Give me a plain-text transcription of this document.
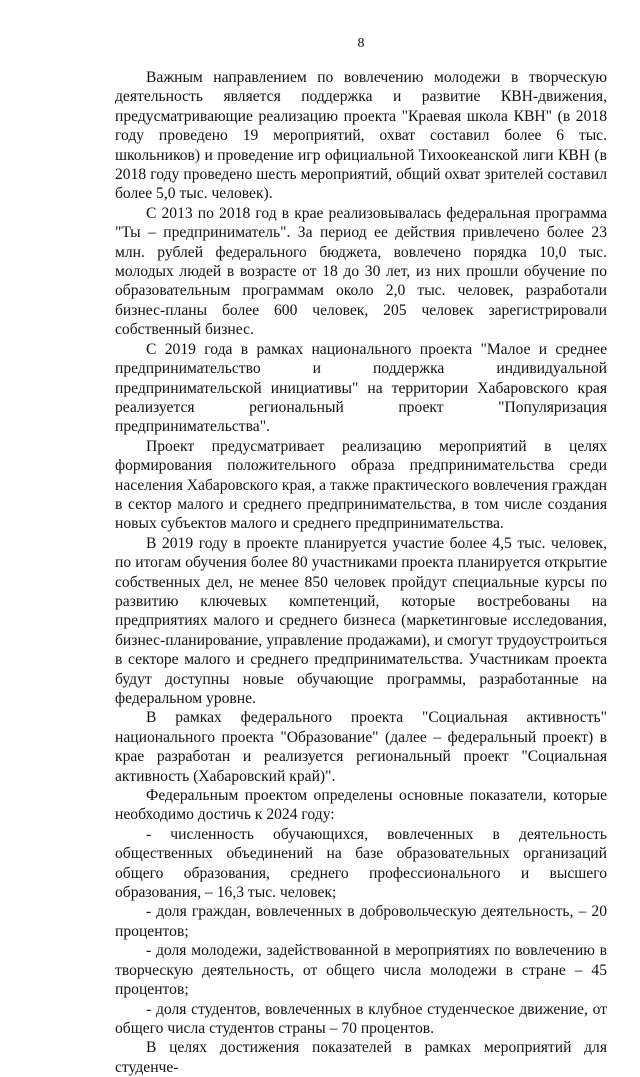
8

Важным направлением по вовлечению молодежи в творческую деятельность является поддержка и развитие КВН-движения, предусматривающие реализацию проекта "Краевая школа КВН" (в 2018 году проведено 19 мероприятий, охват составил более 6 тыс. школьников) и проведение игр официальной Тихоокеанской лиги КВН (в 2018 году проведено шесть мероприятий, общий охват зрителей составил более 5,0 тыс. человек).

С 2013 по 2018 год в крае реализовывалась федеральная программа "Ты – предприниматель". За период ее действия привлечено более 23 млн. рублей федерального бюджета, вовлечено порядка 10,0 тыс. молодых людей в возрасте от 18 до 30 лет, из них прошли обучение по образовательным программам около 2,0 тыс. человек, разработали бизнес-планы более 600 человек, 205 человек зарегистрировали собственный бизнес.

С 2019 года в рамках национального проекта "Малое и среднее предпринимательство и поддержка индивидуальной предпринимательской инициативы" на территории Хабаровского края реализуется региональный проект "Популяризация предпринимательства".

Проект предусматривает реализацию мероприятий в целях формирования положительного образа предпринимательства среди населения Хабаровского края, а также практического вовлечения граждан в сектор малого и среднего предпринимательства, в том числе создания новых субъектов малого и среднего предпринимательства.

В 2019 году в проекте планируется участие более 4,5 тыс. человек, по итогам обучения более 80 участниками проекта планируется открытие собственных дел, не менее 850 человек пройдут специальные курсы по развитию ключевых компетенций, которые востребованы на предприятиях малого и среднего бизнеса (маркетинговые исследования, бизнес-планирование, управление продажами), и смогут трудоустроиться в секторе малого и среднего предпринимательства. Участникам проекта будут доступны новые обучающие программы, разработанные на федеральном уровне.

В рамках федерального проекта "Социальная активность" национального проекта "Образование" (далее – федеральный проект) в крае разработан и реализуется региональный проект "Социальная активность (Хабаровский край)".

Федеральным проектом определены основные показатели, которые необходимо достичь к 2024 году:

- численность обучающихся, вовлеченных в деятельность общественных объединений на базе образовательных организаций общего образования, среднего профессионального и высшего образования, – 16,3 тыс. человек;

- доля граждан, вовлеченных в добровольческую деятельность, – 20 процентов;

- доля молодежи, задействованной в мероприятиях по вовлечению в творческую деятельность, от общего числа молодежи в стране – 45 процентов;

- доля студентов, вовлеченных в клубное студенческое движение, от общего числа студентов страны – 70 процентов.

В целях достижения показателей в рамках мероприятий для студенче-
